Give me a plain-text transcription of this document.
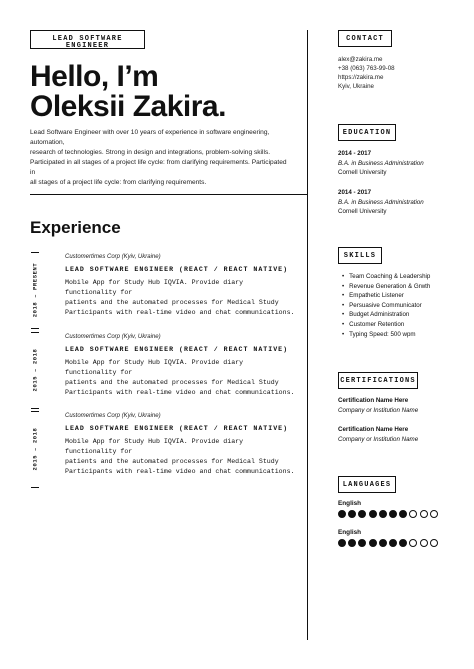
LEAD SOFTWARE ENGINEER
Hello, I’m
Oleksii Zakira.
Lead Software Engineer with over 10 years of experience in software engineering, automation,
research of technologies. Strong in design and integrations, problem-solving skills.
Participated in all stages of a project life cycle: from clarifying requirements. Participated in
all stages of a project life cycle: from clarifying requirements.
Experience
2018 – PRESENT
Customertimes Corp (Kyiv, Ukraine)
LEAD SOFTWARE ENGINEER (REACT / REACT NATIVE)
Mobile App for Study Hub IQVIA. Provide diary functionality for
patients and the automated processes for Medical Study
Participants with real-time video and chat communications.
2015 – 2018
Customertimes Corp (Kyiv, Ukraine)
LEAD SOFTWARE ENGINEER (REACT / REACT NATIVE)
Mobile App for Study Hub IQVIA. Provide diary functionality for
patients and the automated processes for Medical Study
Participants with real-time video and chat communications.
2015 – 2018
Customertimes Corp (Kyiv, Ukraine)
LEAD SOFTWARE ENGINEER (REACT / REACT NATIVE)
Mobile App for Study Hub IQVIA. Provide diary functionality for
patients and the automated processes for Medical Study
Participants with real-time video and chat communications.
CONTACT
alex@zakira.me
+38 (063) 763-99-08
https://zakira.me
Kyiv, Ukraine
EDUCATION
2014 - 2017
B.A. in Business Administration
Cornell University
2014 - 2017
B.A. in Business Administration
Cornell University
SKILLS
• Team Coaching & Leadership
• Revenue Generation & Grwth
• Empathetic Listener
• Persuasive Communicator
• Budget Administration
• Customer Retention
• Typing Speed: 500 wpm
CERTIFICATIONS
Certification Name Here
Company or Institution Name
Certification Name Here
Company or Institution Name
LANGUAGES
English
English
